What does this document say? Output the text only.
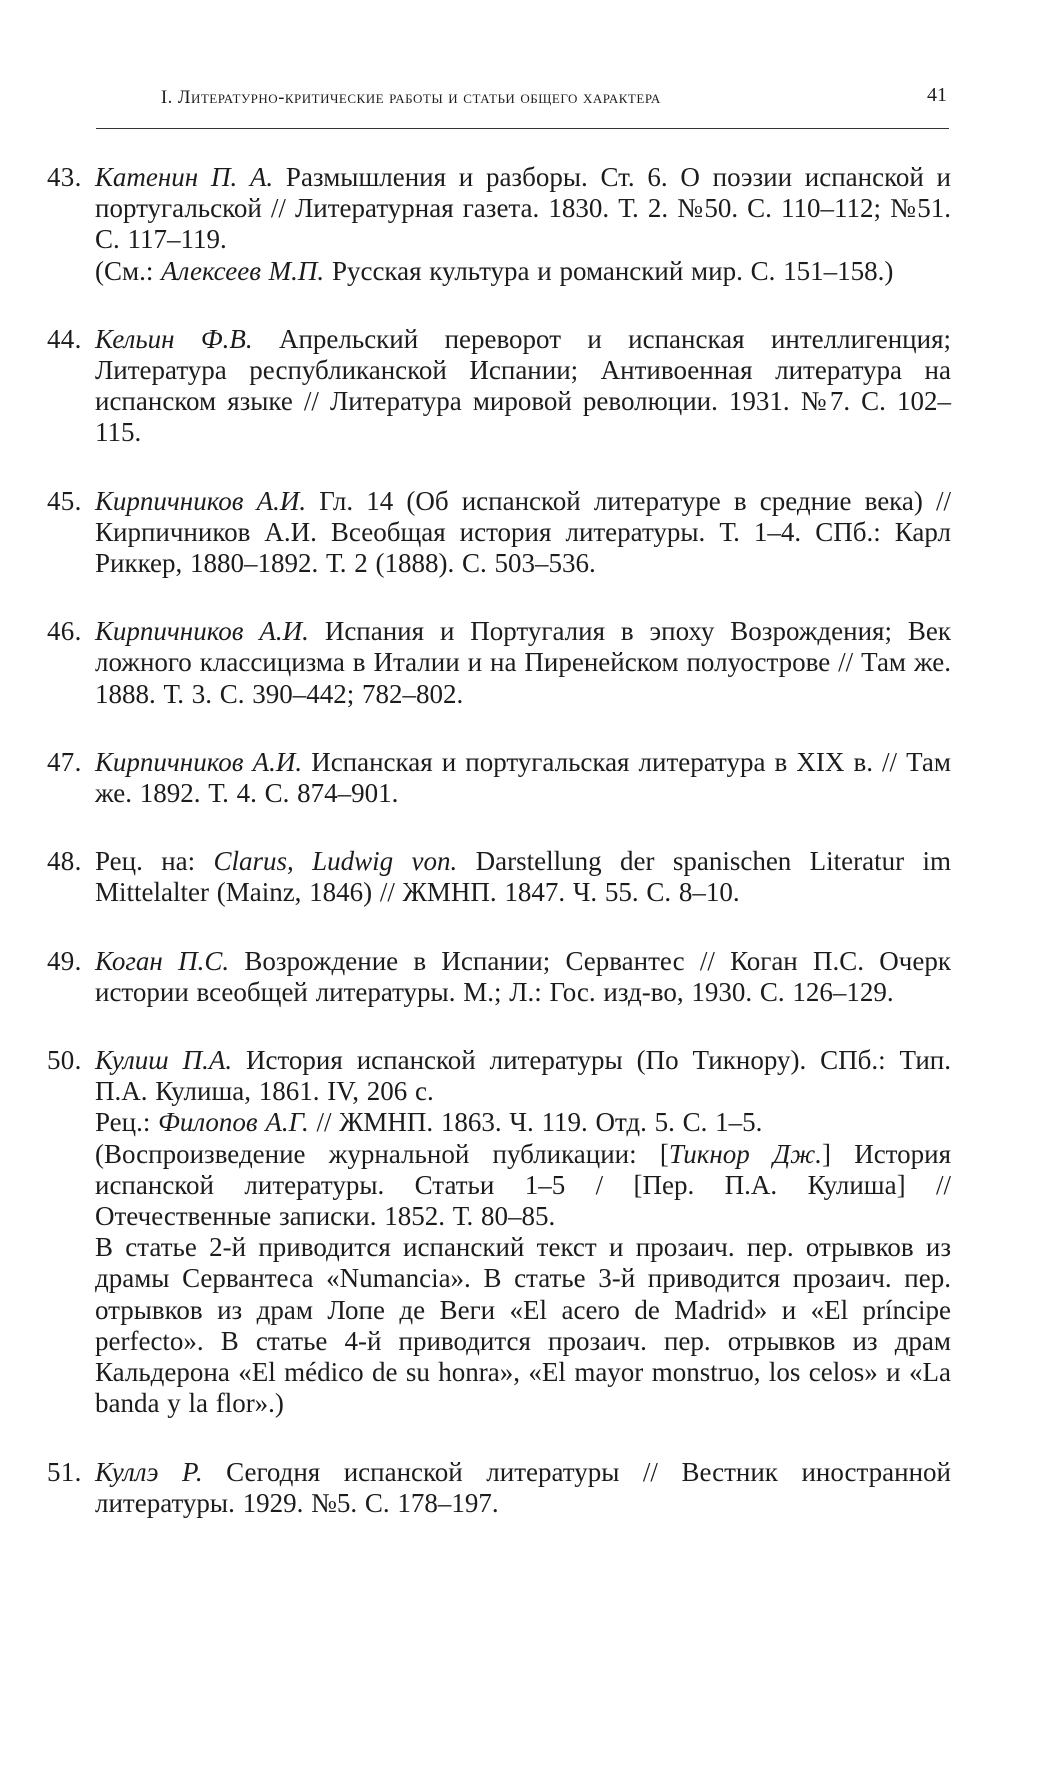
I. Литературно-критические работы и статьи общего характера	41
43. Катенин П. А. Размышления и разборы. Ст. 6. О поэзии испанской и португальской // Литературная газета. 1830. Т. 2. №50. С. 110–112; №51. С. 117–119.

(См.: Алексеев М.П. Русская культура и романский мир. С. 151–158.)

44. Кельин Ф.В. Апрельский переворот и испанская интеллигенция; Литература республиканской Испании; Антивоенная литература на испанском языке // Литература мировой революции. 1931. №7. С. 102–115.

45. Кирпичников А.И. Гл. 14 (Об испанской литературе в средние века) // Кирпичников А.И. Всеобщая история литературы. Т. 1–4. СПб.: Карл Риккер, 1880–1892. Т. 2 (1888). С. 503–536.

46. Кирпичников А.И. Испания и Португалия в эпоху Возрождения; Век ложного классицизма в Италии и на Пиренейском полуострове // Там же. 1888. Т. 3. С. 390–442; 782–802.

47. Кирпичников А.И. Испанская и португальская литература в XIX в. // Там же. 1892. Т. 4. С. 874–901.

48. Рец. на: Clarus, Ludwig von. Darstellung der spanischen Literatur im Mittelalter (Mainz, 1846) // ЖМНП. 1847. Ч. 55. С. 8–10.

49. Коган П.С. Возрождение в Испании; Сервантес // Коган П.С. Очерк истории всеобщей литературы. М.; Л.: Гос. изд-во, 1930. С. 126–129.

50. Кулиш П.А. История испанской литературы (По Тикнору). СПб.: Тип. П.А. Кулиша, 1861. IV, 206 с.

Рец.: Филопов А.Г. // ЖМНП. 1863. Ч. 119. Отд. 5. С. 1–5.

(Воспроизведение журнальной публикации: [Тикнор Дж.] История испанской литературы. Статьи 1–5 / [Пер. П.А. Кулиша] // Отечественные записки. 1852. Т. 80–85.

В статье 2-й приводится испанский текст и прозаич. пер. отрывков из драмы Сервантеса «Numancia». В статье 3-й приводится прозаич. пер. отрывков из драм Лопе де Веги «El acero de Madrid» и «El príncipe perfecto». В статье 4-й приводится прозаич. пер. отрывков из драм Кальдерона «El médico de su honra», «El mayor monstruo, los celos» и «La banda y la flor».)

51. Куллэ Р. Сегодня испанской литературы // Вестник иностранной литературы. 1929. №5. С. 178–197.
